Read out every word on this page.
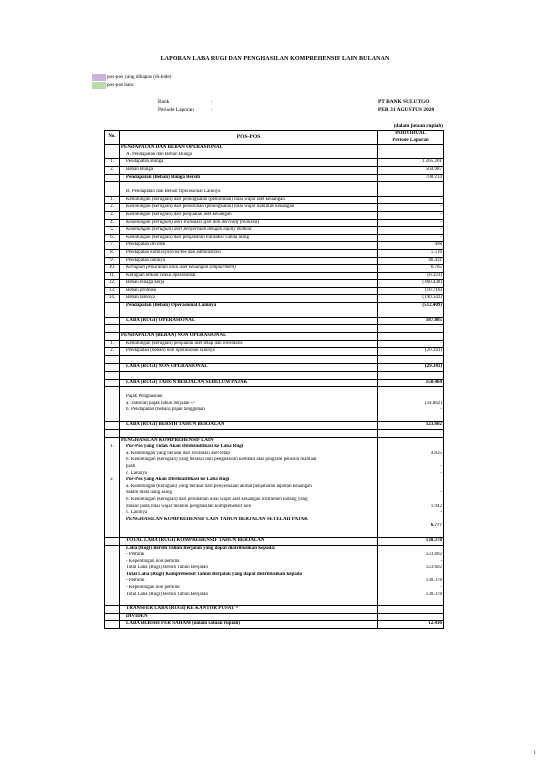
LAPORAN LABA RUGI DAN PENGHASILAN KOMPREHENSIF LAIN BULANAN
pos-pos yang dihapus (di-hide)
pos-pos baru
Bank	:	PT BANK SULUTGO
Periode Laporan	:	PER 31 AGUSTUS 2020
(dalam jutaan rupiah)
No.	POS-POS	INDIVIDUAL
		Periode Laporan
	PENDAPATAN DAN BEBAN OPERASIONAL	
	A. Pendapatan dan Beban Bunga	
1.	Pendapatan Bunga	1.265.201
2.	Beban Bunga	564.987
	Pendapatan (Beban) Bunga Bersih	700.214

	B. Pendapatan dan Beban Operasional Lainnya	
1.	Keuntungan (kerugian) dari peningkatan (penurunan) nilai wajar aset keuangan	-
2.	Keuntungan (kerugian) dari penurunan (peningkatan) nilai wajar liabilitas keuangan	-
3.	Keuntungan (kerugian) dari penjualan aset keuangan	-
4.	Keuntungan (kerugian) dari transaksi spot dan derivatif (realised)	-
5.	Keuntungan (kerugian) dari penyertaan dengan equity method	-
6.	Keuntungan (kerugian) dari penjabaran transaksi valuta asing	-
7.	Pendapatan dividen	498
8.	Pendapatan komisi/provisi/fee dan administrasi	1.516
9.	Pendapatan lainnya	46.431
10.	Kerugian penurunan nilai aset keuangan (impairment)	6.765
11.	Kerugian terkait risiko operasional	(6.323)
12.	Beban tenaga kerja	(360.438)
13.	Beban promosi	(10.716)
14.	Beban lainnya	(190.143)
	Pendapatan (Beban) Operasional Lainnya	(512.409)

	LABA (RUGI) OPERASIONAL	187.805

	PENDAPATAN (BEBAN) NON OPERASIONAL	
1.	Keuntungan (kerugian) penjualan aset tetap dan inventaris	-
2.	Pendapatan (beban) non operasional lainnya	(29.341)

	LABA (RUGI) NON OPERASIONAL	(29.341)

	LABA (RUGI) TAHUN BERJALAN SEBELUM PAJAK	158.464

	Pajak Penghasilan	
	a. Taksiran pajak tahun berjalan -/-	(34.862)
	b. Pendapatan (beban) pajak tangguhan	-

	LABA (RUGI) BERSIH TAHUN BERJALAN	123.602

	PENGHASILAN KOMPREHENSIF LAIN	
1.	Pos-Pos yang Tidak Akan Direklasifikasi ke Laba Rugi	
	a. Keuntungan yang berasal dari revaluasi aset tetap	4.835
	b. Keuntungan (kerugian) yang berasal dari pengukuran kembali atas program pensiun manfaat	
	pasti	-
	c. Lainnya	-
2.	Pos-Pos yang Akan Direklasifikasi ke Laba Rugi	
	a. Keuntungan (kerugian) yang berasal dari penyesuaian akibat penjabaran laporan keuangan	
	dalam mata uang asing	-
	b. Keuntungan (kerugian) dari perubahan nilai wajar aset keuangan instrumen hutang yang	
	diukur pada nilai wajar melalui penghasilan komprehensif lain	1.942
	c. Lainnya	-
	PENGHASILAN KOMPREHENSIF LAIN TAHUN BERJALAN SETELAH PAJAK	
		6.777

	TOTAL LABA (RUGI) KOMPREHENSIF TAHUN BERJALAN	130.378
	Laba (Rugi) Bersih Tahun Berjalan yang dapat diatribusikan kepada:	
	- Pemilik	123.602
	- Kepentingan non pemilik	-
	Total Laba (Rugi) Bersih Tahun Berjalan	123.602
	Total Laba (Rugi) Komprehensif Tahun Berjalan yang dapat distribusikan kepada	
	- Pemilik	130.378
	- Kepentingan non pemilik	-
	Total Laba (Rugi) Bersih Tahun Berjalan	130.378

	TRANSFER LABA (RUGI) KE KANTOR PUSAT ¹⁾	
	DIVIDEN	
	LABA BERSIH PER SAHAM (dalam satuan rupiah)	12.436
1
